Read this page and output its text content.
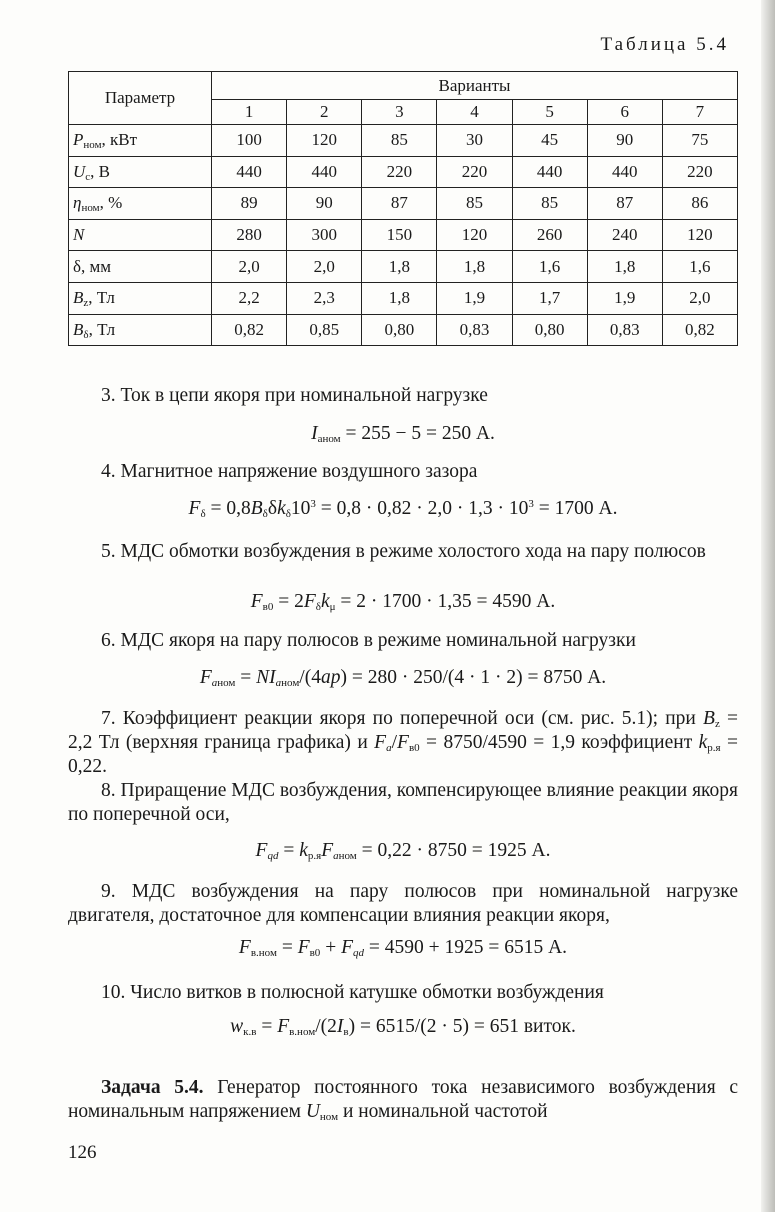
Таблица 5.4
Параметр	Варианты						
	1	2	3	4	5	6	7
$P_{ном}$, кВт	100	120	85	30	45	90	75
$U_с$, В	440	440	220	220	440	440	220
$\eta_{ном}$, %	89	90	87	85	85	87	86
N	280	300	150	120	260	240	120
δ, мм	2,0	2,0	1,8	1,8	1,6	1,8	1,6
$B_z$, Тл	2,2	2,3	1,8	1,9	1,7	1,9	2,0
$B_\delta$, Тл	0,82	0,85	0,80	0,83	0,80	0,83	0,82
3. Ток в цепи якоря при номинальной нагрузке
$I_{аном} = 255 - 5 = 250$ А.
4. Магнитное напряжение воздушного зазора
$F_\delta = 0,8B_\delta\delta k_\delta 10^3 = 0,8 \cdot 0,82 \cdot 2,0 \cdot 1,3 \cdot 10^3 = 1700$ А.
5. МДС обмотки возбуждения в режиме холостого хода на пару полюсов
$F_{в0} = 2F_\delta k_\mu = 2 \cdot 1700 \cdot 1,35 = 4590$ А.
6. МДС якоря на пару полюсов в режиме номинальной нагрузки
$F_{aном} = NI_{aном}/(4ap) = 280 \cdot 250/(4 \cdot 1 \cdot 2) = 8750$ А.
7. Коэффициент реакции якоря по поперечной оси (см. рис. 5.1); при $B_z = 2,2$ Тл (верхняя граница графика) и $F_a/F_{в0} = 8750/4590 = 1,9$ коэффициент $k_{р.я} = 0,22$.
8. Приращение МДС возбуждения, компенсирующее влияние реакции якоря по поперечной оси,
$F_{qd} = k_{р.я}F_{aном} = 0,22 \cdot 8750 = 1925$ А.
9. МДС возбуждения на пару полюсов при номинальной нагрузке двигателя, достаточное для компенсации влияния реакции якоря,
$F_{в.ном} = F_{в0} + F_{qd} = 4590 + 1925 = 6515$ А.
10. Число витков в полюсной катушке обмотки возбуждения
$w_{к.в} = F_{в.ном}/(2I_в) = 6515/(2 \cdot 5) = 651$ виток.
Задача 5.4. Генератор постоянного тока независимого возбуждения с номинальным напряжением $U_{ном}$ и номинальной частотой
126
